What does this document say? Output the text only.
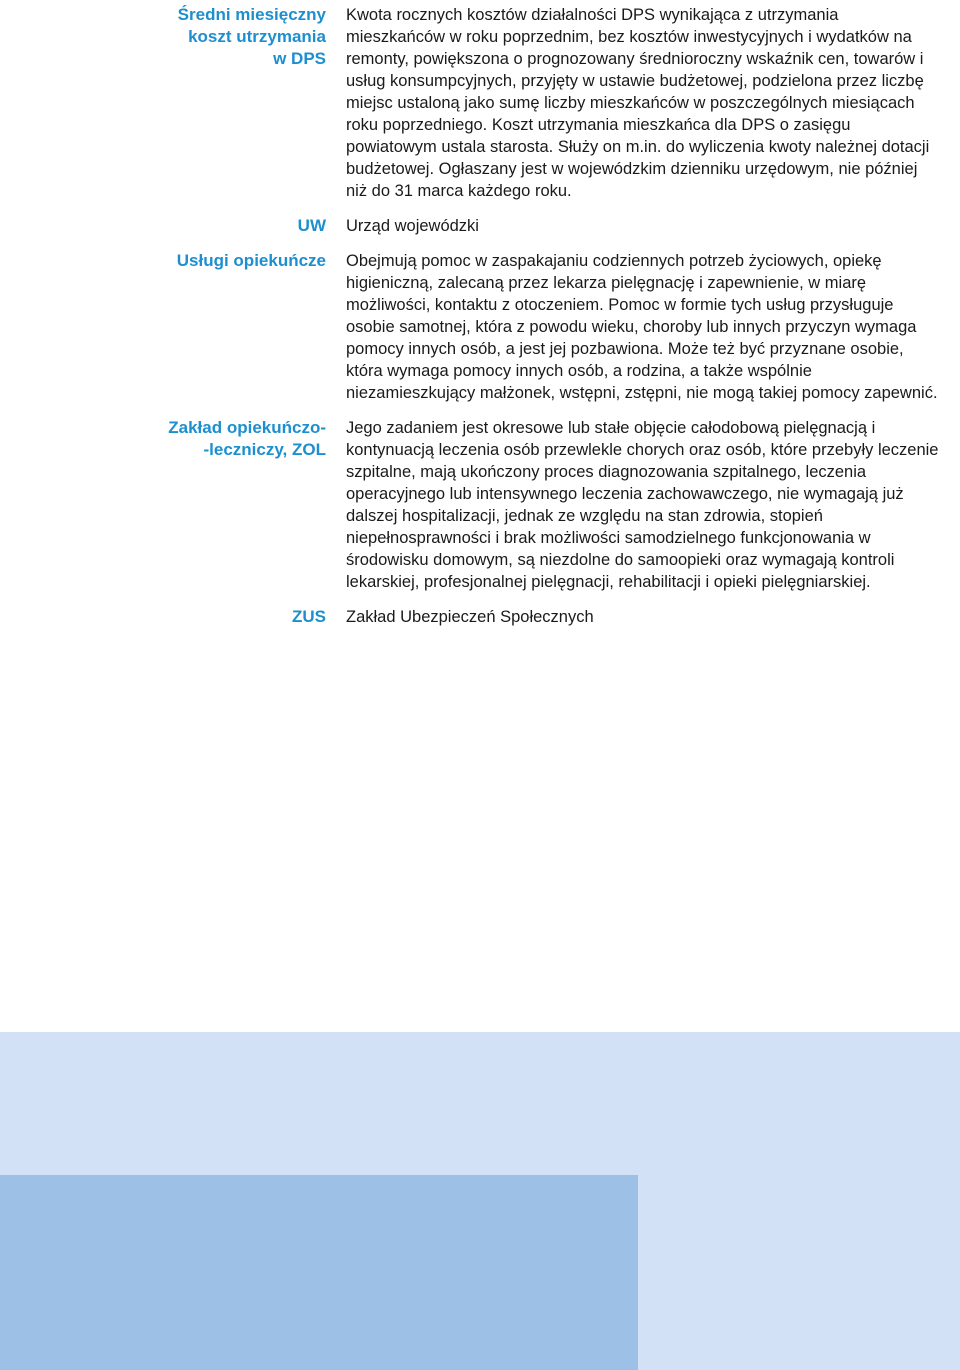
Średni miesięczny
koszt utrzymania
w DPS

Kwota rocznych kosztów działalności DPS wynikająca z utrzymania mieszkańców w roku poprzednim, bez kosztów inwestycyjnych i wydatków na remonty, powiększona o prognozowany średnioroczny wskaźnik cen, towarów i usług konsumpcyjnych, przyjęty w ustawie budżetowej, podzielona przez liczbę miejsc ustaloną jako sumę liczby mieszkańców w poszczególnych miesiącach roku poprzedniego. Koszt utrzymania mieszkańca dla DPS o zasięgu powiatowym ustala starosta. Służy on m.in. do wyliczenia kwoty należnej dotacji budżetowej. Ogłaszany jest w wojewódzkim dzienniku urzędowym, nie później niż do 31 marca każdego roku.

UW Urząd wojewódzki

Usługi opiekuńcze Obejmują pomoc w zaspakajaniu codziennych potrzeb życiowych, opiekę higieniczną, zalecaną przez lekarza pielęgnację i zapewnienie, w miarę możliwości, kontaktu z otoczeniem. Pomoc w formie tych usług przysługuje osobie samotnej, która z powodu wieku, choroby lub innych przyczyn wymaga pomocy innych osób, a jest jej pozbawiona. Może też być przyznane osobie, która wymaga pomocy innych osób, a rodzina, a także wspólnie niezamieszkujący małżonek, wstępni, zstępni, nie mogą takiej pomocy zapewnić.

Zakład opiekuńczo-
-leczniczy, ZOL

Jego zadaniem jest okresowe lub stałe objęcie całodobową pielęgnacją i kontynuacją leczenia osób przewlekle chorych oraz osób, które przebyły leczenie szpitalne, mają ukończony proces diagnozowania szpitalnego, leczenia operacyjnego lub intensywnego leczenia zachowawczego, nie wymagają już dalszej hospitalizacji, jednak ze względu na stan zdrowia, stopień niepełnosprawności i brak możliwości samodzielnego funkcjonowania w środowisku domowym, są niezdolne do samoopieki oraz wymagają kontroli lekarskiej, profesjonalnej pielęgnacji, rehabilitacji i opieki pielęgniarskiej.

ZUS Zakład Ubezpieczeń Społecznych
